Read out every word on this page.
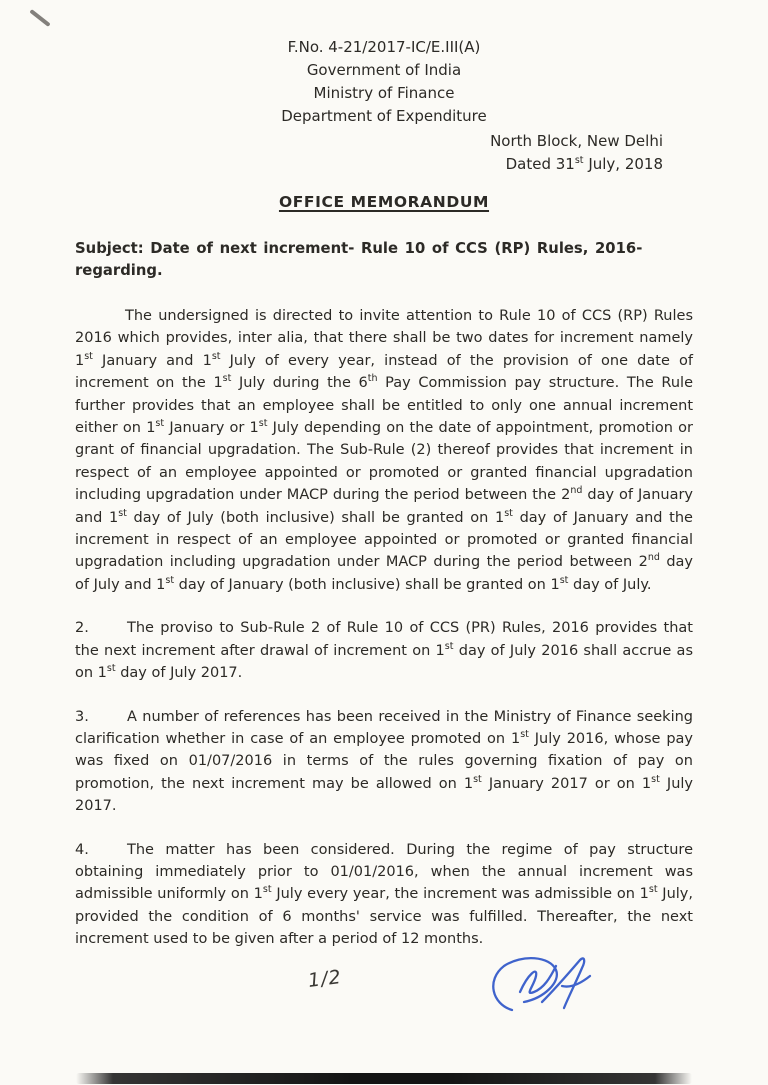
F.No. 4-21/2017-IC/E.III(A)
Government of India
Ministry of Finance
Department of Expenditure
North Block, New Delhi
Dated 31st July, 2018
OFFICE MEMORANDUM
Subject: Date of next increment- Rule 10 of CCS (RP) Rules, 2016- regarding.
The undersigned is directed to invite attention to Rule 10 of CCS (RP) Rules 2016 which provides, inter alia, that there shall be two dates for increment namely 1st January and 1st July of every year, instead of the provision of one date of increment on the 1st July during the 6th Pay Commission pay structure. The Rule further provides that an employee shall be entitled to only one annual increment either on 1st January or 1st July depending on the date of appointment, promotion or grant of financial upgradation. The Sub-Rule (2) thereof provides that increment in respect of an employee appointed or promoted or granted financial upgradation including upgradation under MACP during the period between the 2nd day of January and 1st day of July (both inclusive) shall be granted on 1st day of January and the increment in respect of an employee appointed or promoted or granted financial upgradation including upgradation under MACP during the period between 2nd day of July and 1st day of January (both inclusive) shall be granted on 1st day of July.
2.	The proviso to Sub-Rule 2 of Rule 10 of CCS (PR) Rules, 2016 provides that the next increment after drawal of increment on 1st day of July 2016 shall accrue as on 1st day of July 2017.
3.	A number of references has been received in the Ministry of Finance seeking clarification whether in case of an employee promoted on 1st July 2016, whose pay was fixed on 01/07/2016 in terms of the rules governing fixation of pay on promotion, the next increment may be allowed on 1st January 2017 or on 1st July 2017.
4.	The matter has been considered. During the regime of pay structure obtaining immediately prior to 01/01/2016, when the annual increment was admissible uniformly on 1st July every year, the increment was admissible on 1st July, provided the condition of 6 months' service was fulfilled. Thereafter, the next increment used to be given after a period of 12 months.
1/2
